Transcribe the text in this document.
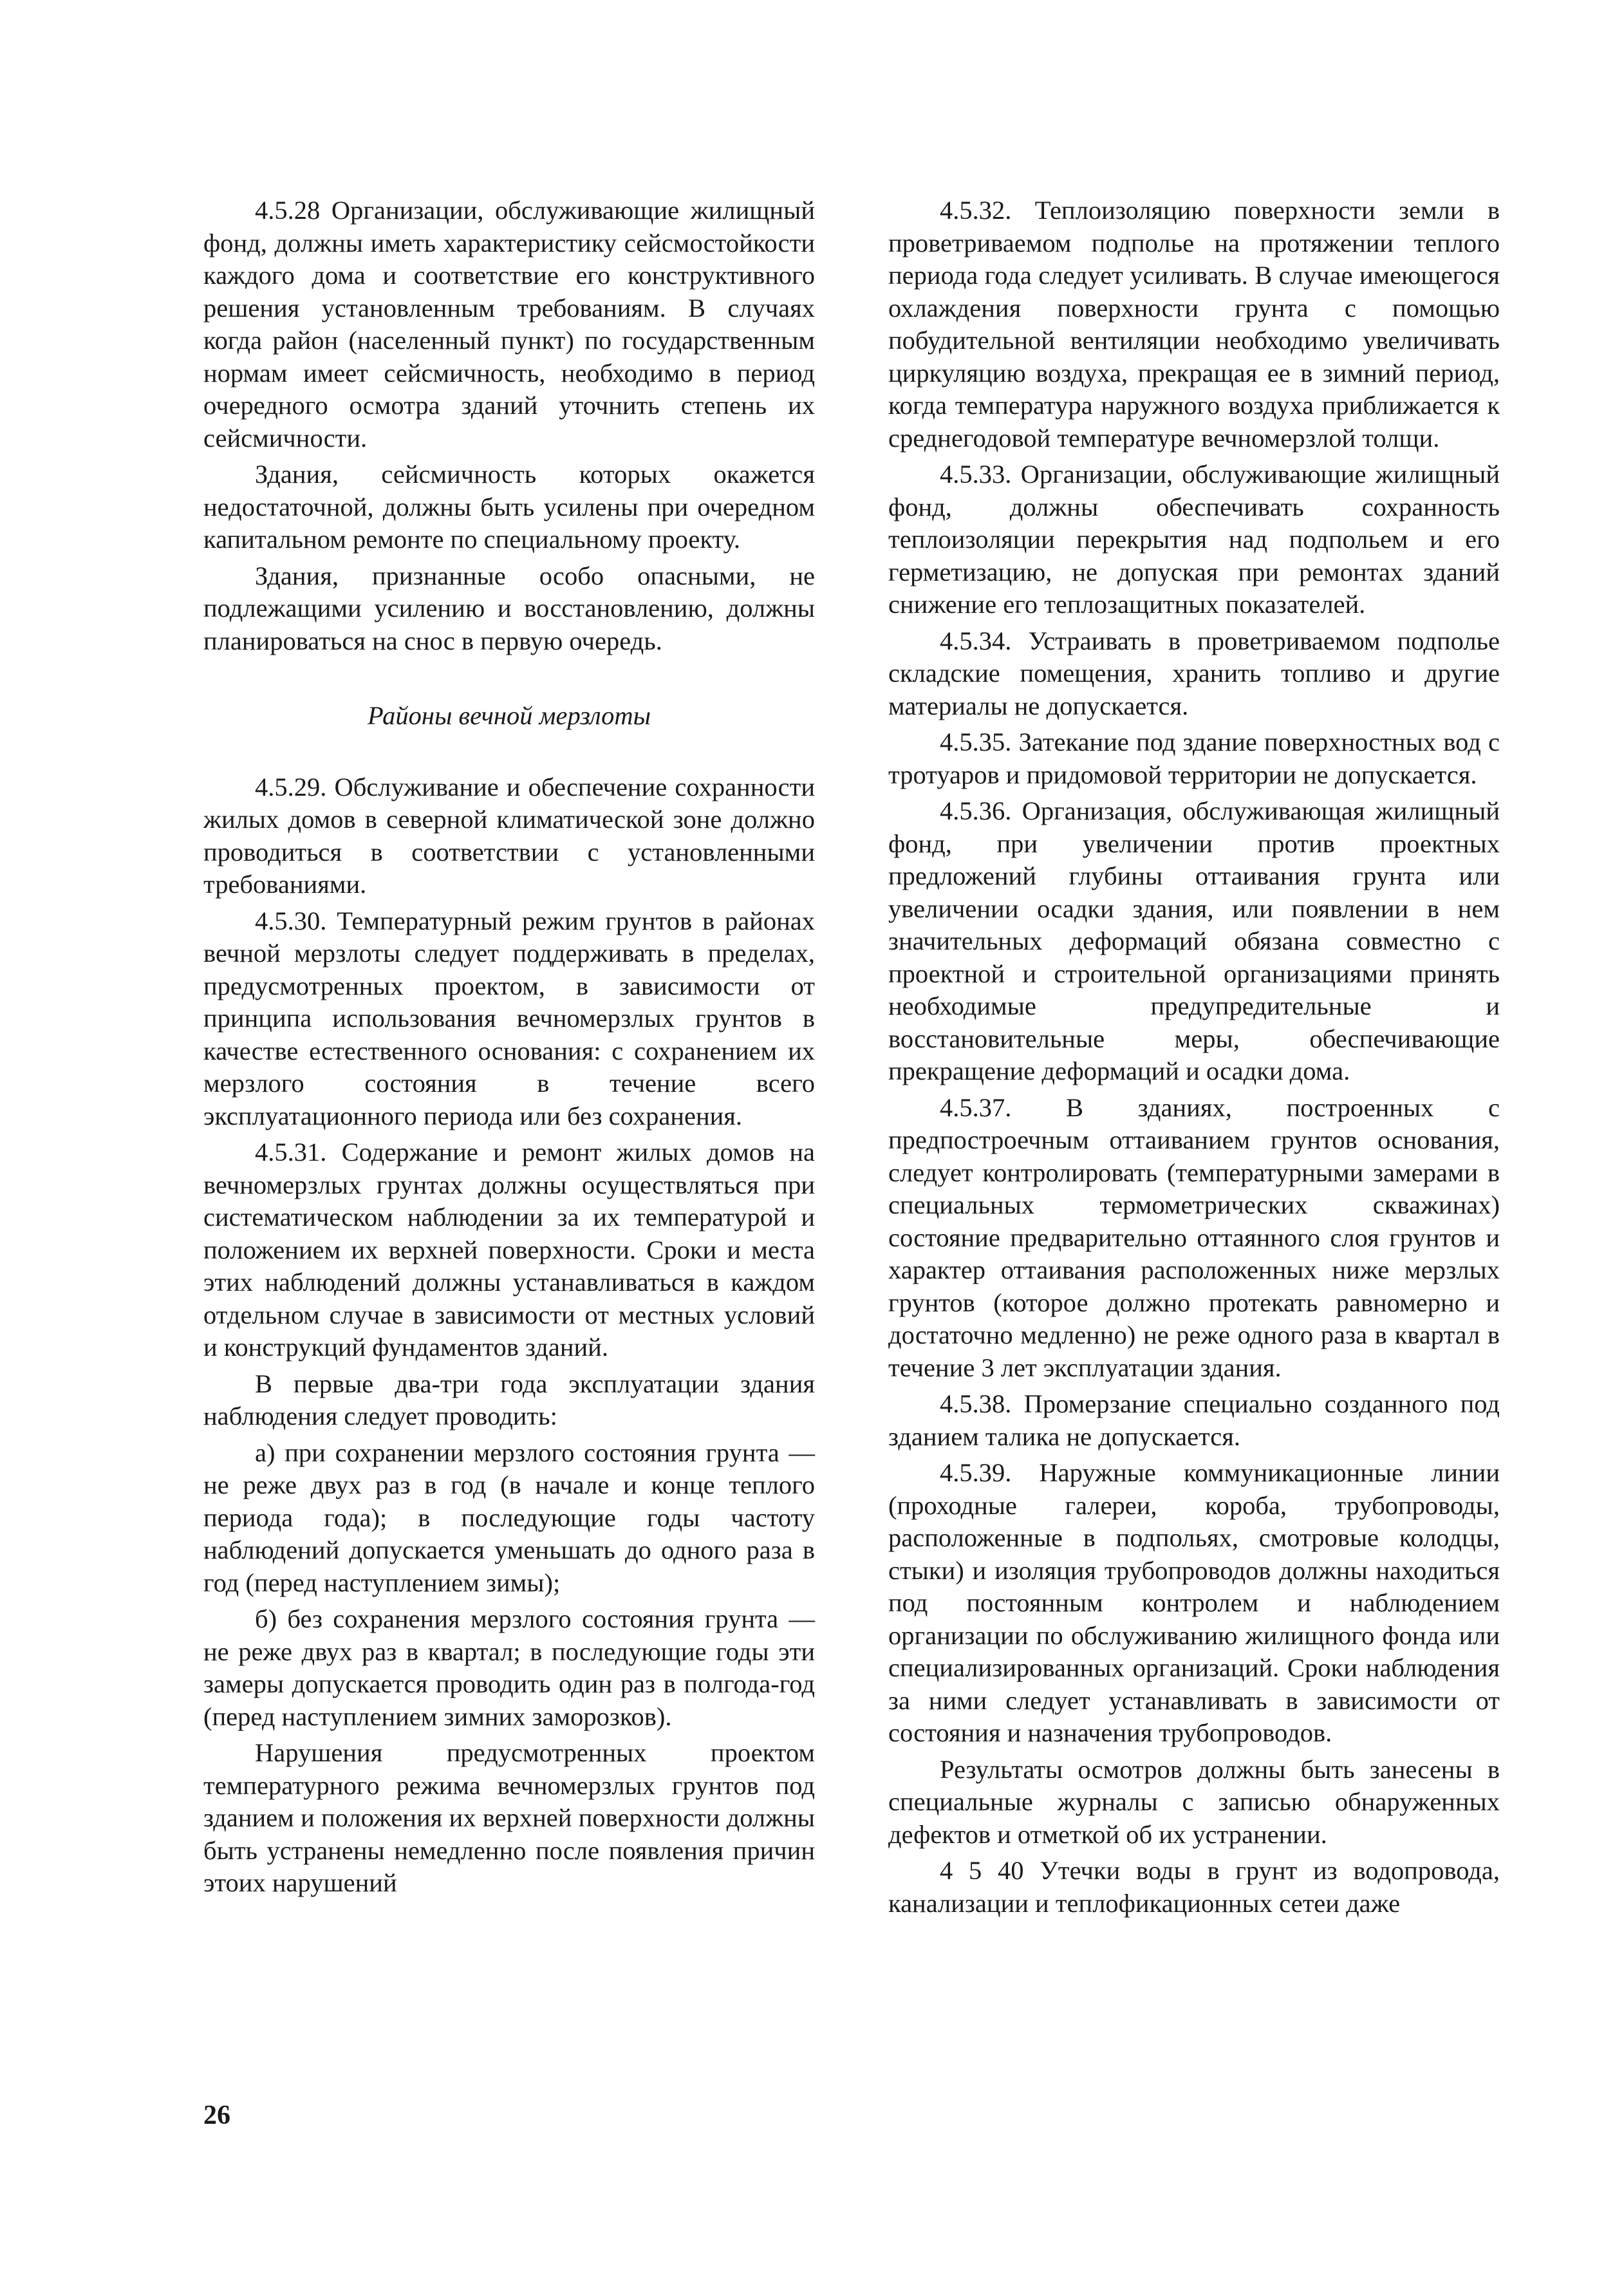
4.5.28 Организации, обслуживающие жилищный фонд, должны иметь характеристику сейсмостойкости каждого дома и соответствие его конструктивного решения установленным требованиям. В случаях когда район (населенный пункт) по государственным нормам имеет сейсмичность, необходимо в период очередного осмотра зданий уточнить степень их сейсмичности.

Здания, сейсмичность которых окажется недостаточной, должны быть усилены при очередном капитальном ремонте по специальному проекту.

Здания, признанные особо опасными, не подлежащими усилению и восстановлению, должны планироваться на снос в первую очередь.

Районы вечной мерзлоты

4.5.29. Обслуживание и обеспечение сохранности жилых домов в северной климатической зоне должно проводиться в соответствии с установленными требованиями.

4.5.30. Температурный режим грунтов в районах вечной мерзлоты следует поддерживать в пределах, предусмотренных проектом, в зависимости от принципа использования вечномерзлых грунтов в качестве естественного основания: с сохранением их мерзлого состояния в течение всего эксплуатационного периода или без сохранения.

4.5.31. Содержание и ремонт жилых домов на вечномерзлых грунтах должны осуществляться при систематическом наблюдении за их температурой и положением их верхней поверхности. Сроки и места этих наблюдений должны устанавливаться в каждом отдельном случае в зависимости от местных условий и конструкций фундаментов зданий.

В первые два-три года эксплуатации здания наблюдения следует проводить:

а) при сохранении мерзлого состояния грунта — не реже двух раз в год (в начале и конце теплого периода года); в последующие годы частоту наблюдений допускается уменьшать до одного раза в год (перед наступлением зимы);

б) без сохранения мерзлого состояния грунта — не реже двух раз в квартал; в последующие годы эти замеры допускается проводить один раз в полгода-год (перед наступлением зимних заморозков).

Нарушения предусмотренных проектом температурного режима вечномерзлых грунтов под зданием и положения их верхней поверхности должны быть устранены немедленно после появления причин этоих нарушений

4.5.32. Теплоизоляцию поверхности земли в проветриваемом подполье на протяжении теплого периода года следует усиливать. В случае имеющегося охлаждения поверхности грунта с помощью побудительной вентиляции необходимо увеличивать циркуляцию воздуха, прекращая ее в зимний период, когда температура наружного воздуха приближается к среднегодовой температуре вечномерзлой толщи.

4.5.33. Организации, обслуживающие жилищный фонд, должны обеспечивать сохранность теплоизоляции перекрытия над подпольем и его герметизацию, не допуская при ремонтах зданий снижение его теплозащитных показателей.

4.5.34. Устраивать в проветриваемом подполье складские помещения, хранить топливо и другие материалы не допускается.

4.5.35. Затекание под здание поверхностных вод с тротуаров и придомовой территории не допускается.

4.5.36. Организация, обслуживающая жилищный фонд, при увеличении против проектных предложений глубины оттаивания грунта или увеличении осадки здания, или появлении в нем значительных деформаций обязана совместно с проектной и строительной организациями принять необходимые предупредительные и восстановительные меры, обеспечивающие прекращение деформаций и осадки дома.

4.5.37. В зданиях, построенных с предпостроечным оттаиванием грунтов основания, следует контролировать (температурными замерами в специальных термометрических скважинах) состояние предварительно оттаянного слоя грунтов и характер оттаивания расположенных ниже мерзлых грунтов (которое должно протекать равномерно и достаточно медленно) не реже одного раза в квартал в течение 3 лет эксплуатации здания.

4.5.38. Промерзание специально созданного под зданием талика не допускается.

4.5.39. Наружные коммуникационные линии (проходные галереи, короба, трубопроводы, расположенные в подпольях, смотровые колодцы, стыки) и изоляция трубопроводов должны находиться под постоянным контролем и наблюдением организации по обслуживанию жилищного фонда или специализированных организаций. Сроки наблюдения за ними следует устанавливать в зависимости от состояния и назначения трубопроводов.

Результаты осмотров должны быть занесены в специальные журналы с записью обнаруженных дефектов и отметкой об их устранении.

4 5 40 Утечки воды в грунт из водопровода, канализации и теплофикационных сетеи даже

26
